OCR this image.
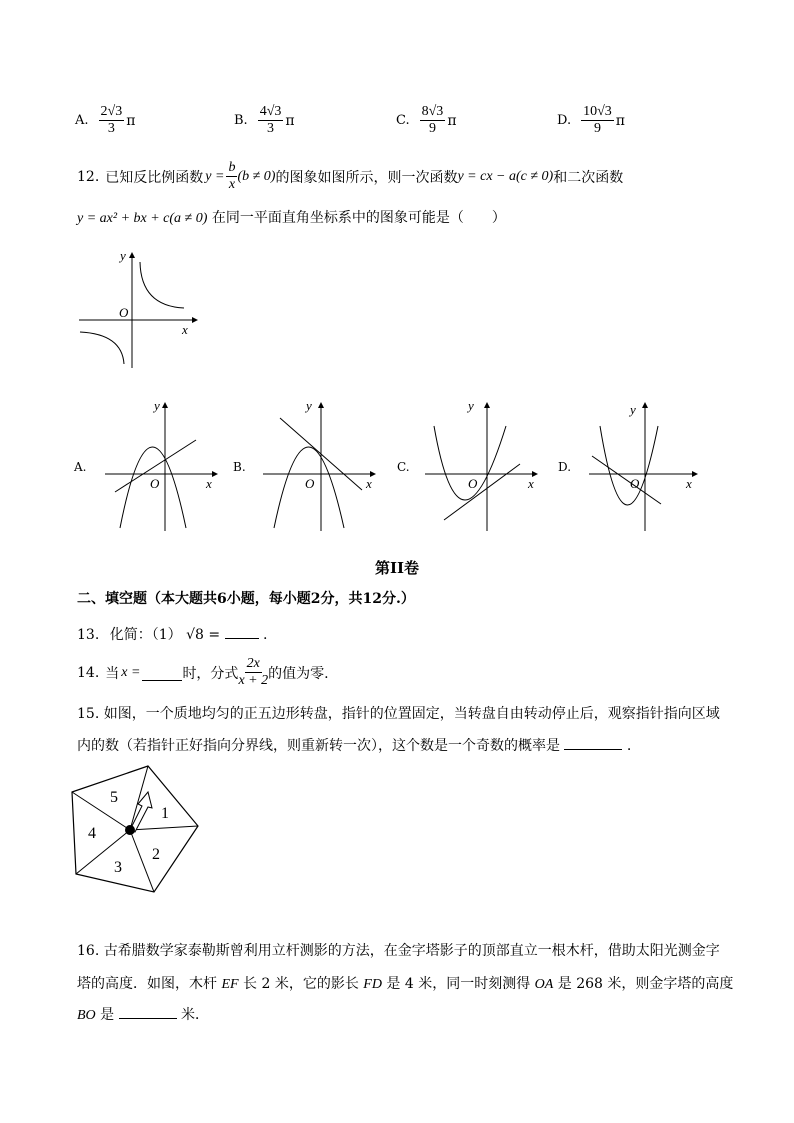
A. $\frac{2√3}{3}$ π	B. $\frac{4√3}{3}$ π	C. $\frac{8√3}{9}$ π	D. $\frac{10√3}{9}$ π
12. 已知反比例函数 $y = \frac{b}{x} (b \ne 0)$ 的图象如图所示，则一次函数 y = cx − a(c ≠ 0) 和二次函数
y = ax² + bx + c(a ≠ 0) 在同一平面直角坐标系中的图象可能是（　　）
O
x
y
A.
O	x
y
B.
O	x
y
C.
O	x
y
D.
O	x
y
第II卷
二、填空题（本大题共6小题，每小题2分，共12分.）
13. 化简：（1） √8 =	.
14. 当 x =	时，分式 $\frac{2x}{x + 2}$ 的值为零.
15. 如图，一个质地均匀的正五边形转盘，指针的位置固定，当转盘自由转动停止后，观察指针指向区域
内的数（若指针正好指向分界线，则重新转一次），这个数是一个奇数的概率是	.
1
2
3
4
5
16. 古希腊数学家泰勒斯曾利用立杆测影的方法，在金字塔影子的顶部直立一根木杆，借助太阳光测金字
塔的高度．如图，木杆 EF 长 2 米，它的影长 FD 是 4 米，同一时刻测得 OA 是 268 米，则金字塔的高度
BO 是	米．
